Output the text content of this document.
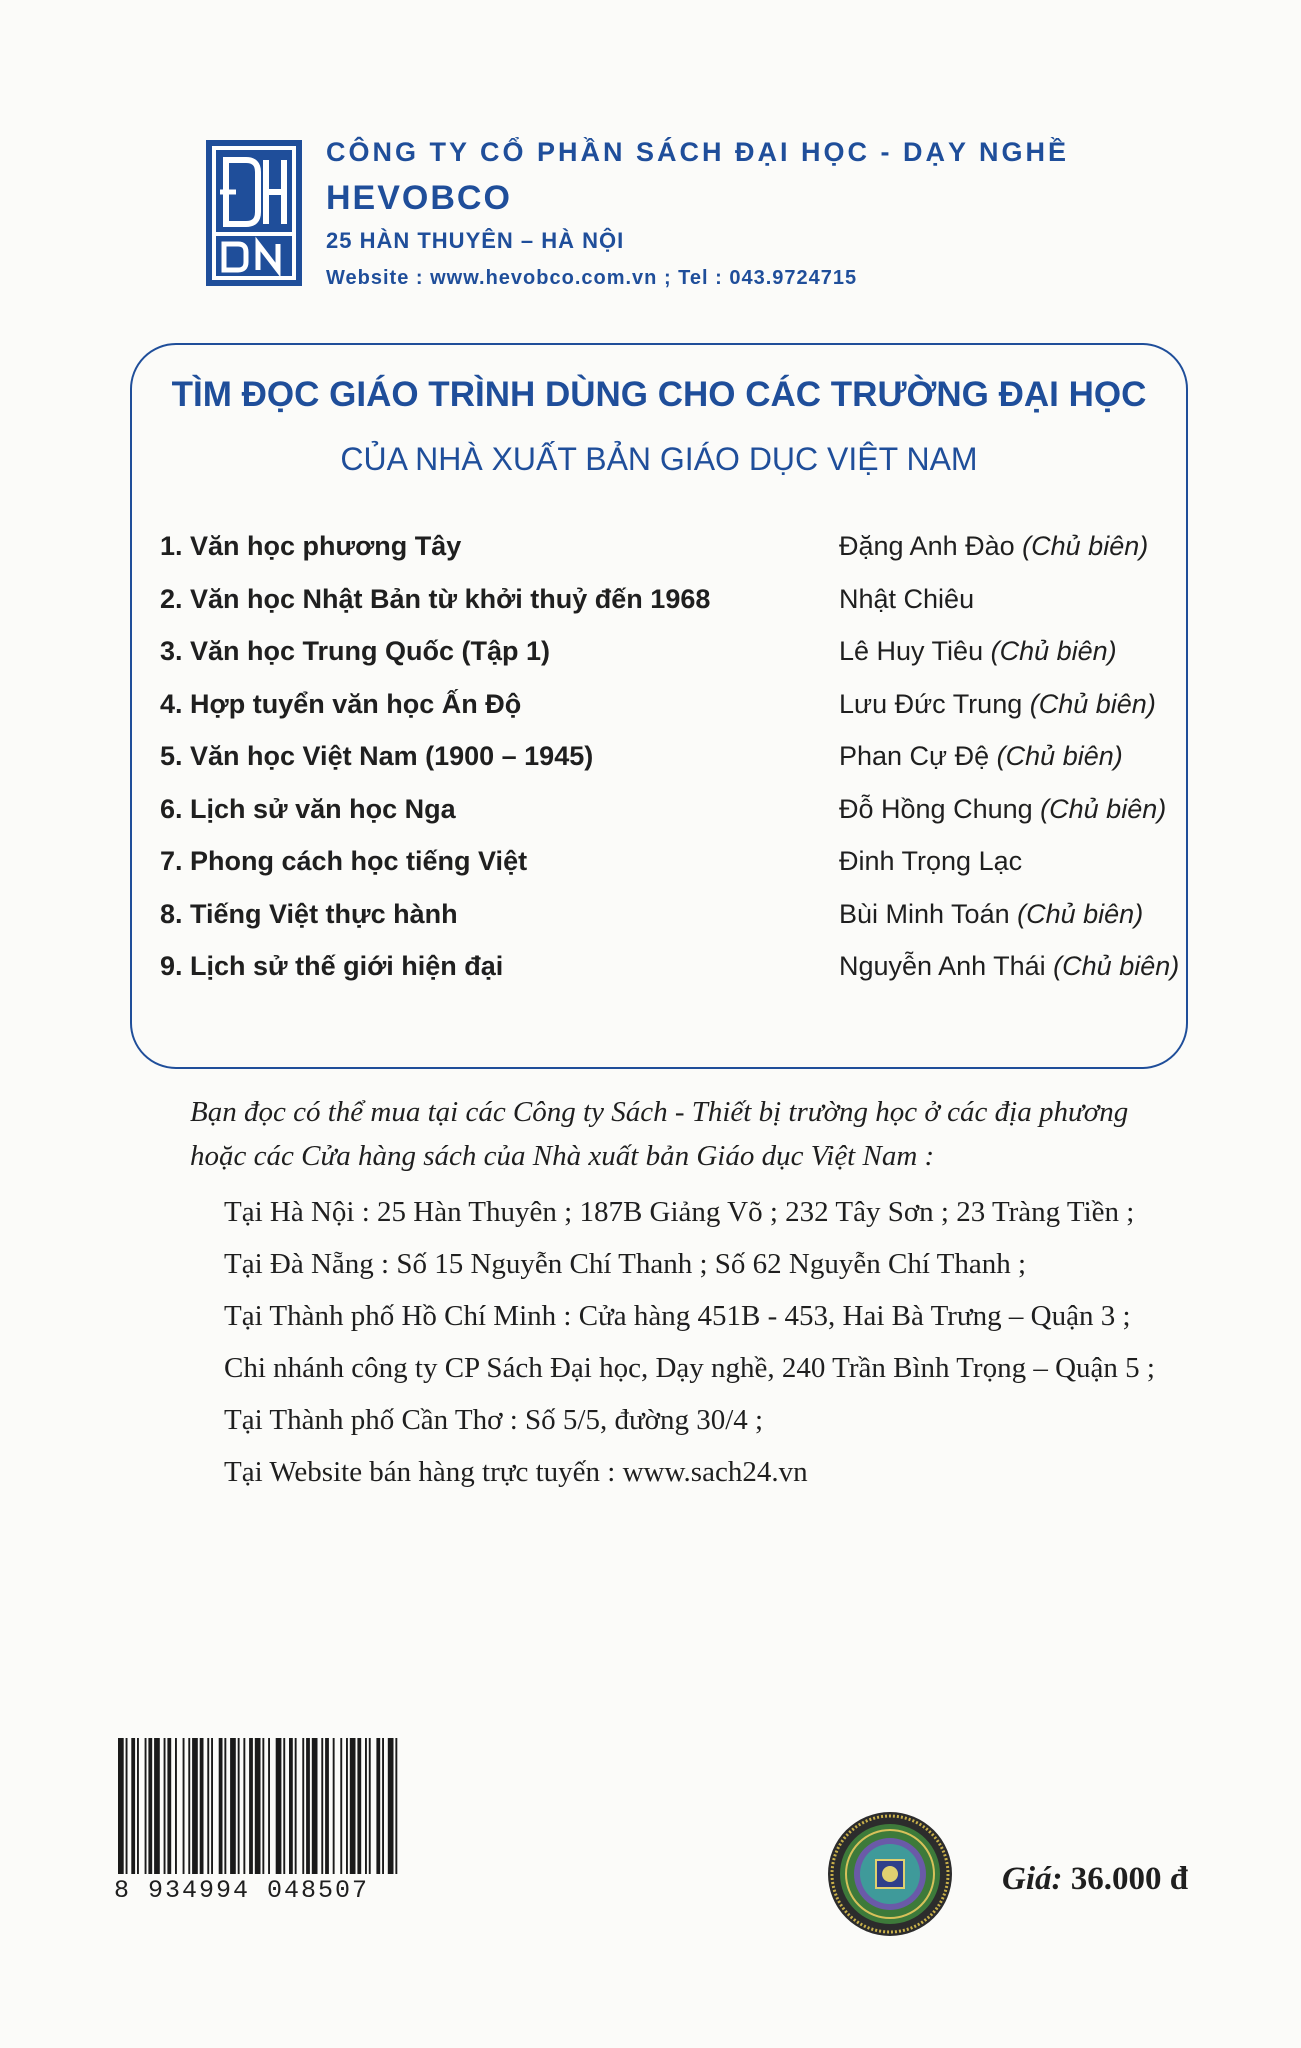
CÔNG TY CỔ PHẦN SÁCH ĐẠI HỌC - DẠY NGHỀ
HEVOBCO
25 HÀN THUYÊN – HÀ NỘI
Website : www.hevobco.com.vn ; Tel : 043.9724715
TÌM ĐỌC GIÁO TRÌNH DÙNG CHO CÁC TRƯỜNG ĐẠI HỌC
CỦA NHÀ XUẤT BẢN GIÁO DỤC VIỆT NAM
1. Văn học phương Tây	Đặng Anh Đào (Chủ biên)
2. Văn học Nhật Bản từ khởi thuỷ đến 1968	Nhật Chiêu
3. Văn học Trung Quốc (Tập 1)	Lê Huy Tiêu (Chủ biên)
4. Hợp tuyển văn học Ấn Độ	Lưu Đức Trung (Chủ biên)
5. Văn học Việt Nam (1900 – 1945)	Phan Cự Đệ (Chủ biên)
6. Lịch sử văn học Nga	Đỗ Hồng Chung (Chủ biên)
7. Phong cách học tiếng Việt	Đinh Trọng Lạc
8. Tiếng Việt thực hành	Bùi Minh Toán (Chủ biên)
9. Lịch sử thế giới hiện đại	Nguyễn Anh Thái (Chủ biên)
Bạn đọc có thể mua tại các Công ty Sách - Thiết bị trường học ở các địa phương
hoặc các Cửa hàng sách của Nhà xuất bản Giáo dục Việt Nam :
Tại Hà Nội : 25 Hàn Thuyên ; 187B Giảng Võ ; 232 Tây Sơn ; 23 Tràng Tiền ;
Tại Đà Nẵng : Số 15 Nguyễn Chí Thanh ; Số 62 Nguyễn Chí Thanh ;
Tại Thành phố Hồ Chí Minh : Cửa hàng 451B - 453, Hai Bà Trưng – Quận 3 ;
Chi nhánh công ty CP Sách Đại học, Dạy nghề, 240 Trần Bình Trọng – Quận 5 ;
Tại Thành phố Cần Thơ : Số 5/5, đường 30/4 ;
Tại Website bán hàng trực tuyến : www.sach24.vn
8 934994 048507	Giá: 36.000 đ
